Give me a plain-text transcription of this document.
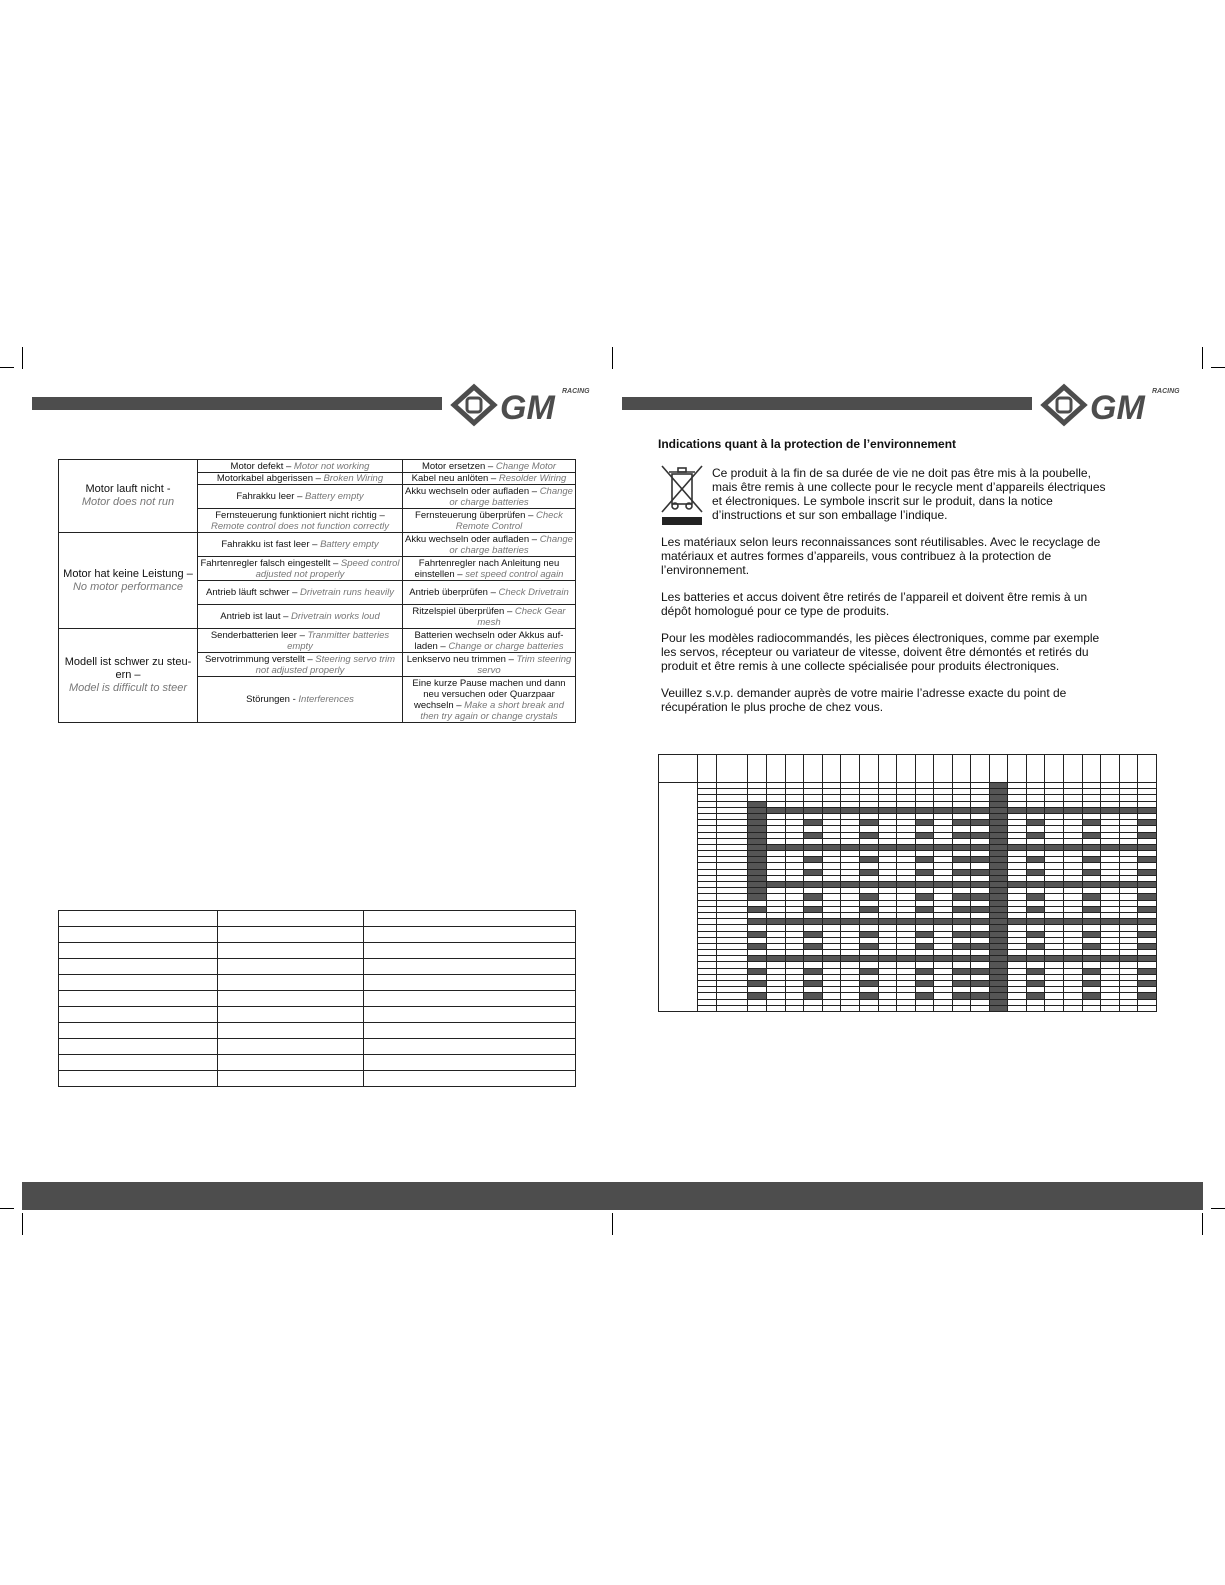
GM RACING	GM RACING
Motor lauft nicht -
Motor does not run	Motor defekt – Motor not working	Motor ersetzen – Change Motor
	Motorkabel abgerissen – Broken Wiring	Kabel neu anlöten – Resolder Wiring
	Fahrakku leer – Battery empty	Akku wechseln oder aufladen – Change or charge batteries
	Fernsteuerung funktioniert nicht richtig – Remote control does not function correctly	Fernsteuerung überprüfen – Check Remote Control
Motor hat keine Leistung –
No motor performance	Fahrakku ist fast leer – Battery empty	Akku wechseln oder aufladen – Change or charge batteries
	Fahrtenregler falsch eingestellt – Speed control adjusted not properly	Fahrtenregler nach Anleitung neu einstellen – set speed control again
	Antrieb läuft schwer – Drivetrain runs heavily	Antrieb überprüfen – Check Drivetrain
	Antrieb ist laut – Drivetrain works loud	Ritzelspiel überprüfen – Check Gear mesh
Modell ist schwer zu steu-ern –
Model is difficult to steer	Senderbatterien leer – Tranmitter batteries empty	Batterien wechseln oder Akkus auf-laden – Change or charge batteries
	Servotrimmung verstellt – Steering servo trim not adjusted properly	Lenkservo neu trimmen – Trim steering servo
	Störungen - Interferences	Eine kurze Pause machen und dann neu versuchen oder Quarzpaar wechseln – Make a short break and then try again or change crystals

Indications quant à la protection de l’environnement

Ce produit à la fin de sa durée de vie ne doit pas être mis à la poubelle, mais être remis à une collecte pour le recycle ment d’appareils électriques et électroniques. Le symbole inscrit sur le produit, dans la notice d’instructions et sur son emballage l’indique.

Les matériaux selon leurs reconnaissances sont réutilisables. Avec le recyclage de matériaux et autres formes d’appareils, vous contribuez à la protection de l’environnement.

Les batteries et accus doivent être retirés de l’appareil et doivent être remis à un dépôt homologué pour ce type de produits.

Pour les modèles radiocommandés, les pièces électroniques, comme par exemple les servos, récepteur ou variateur de vitesse, doivent être démontés et retirés du produit et être remis à une collecte spécialisée pour produits électroniques.

Veuillez s.v.p. demander auprès de votre mairie l’adresse exacte du point de récupération le plus proche de chez vous.
